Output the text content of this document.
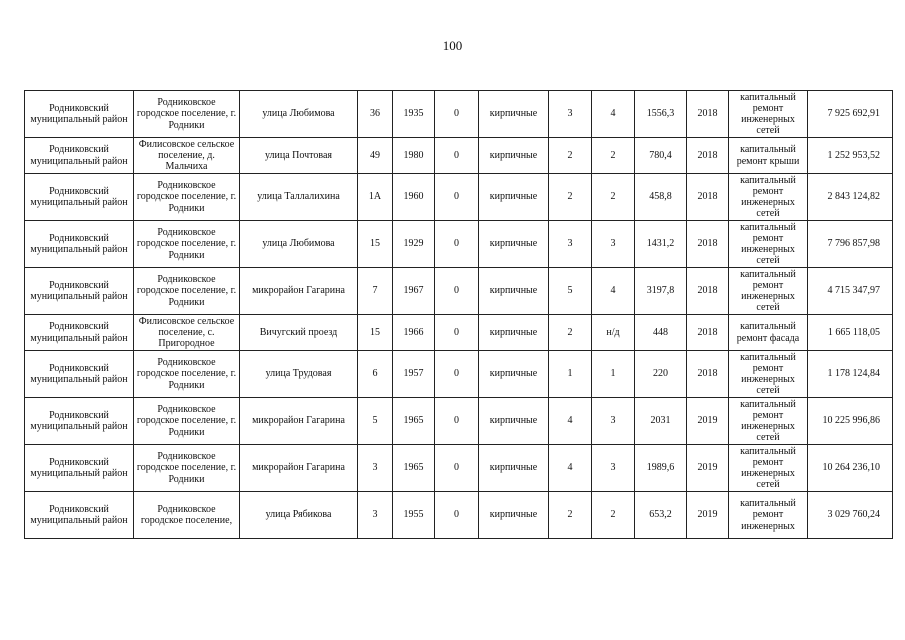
100
Родниковский муниципальный район	Родниковское городское поселение, г. Родники	улица Любимова	36	1935	0	кирпичные	3	4	1556,3	2018	капитальный ремонт инженерных сетей	7 925 692,91
Родниковский муниципальный район	Филисовское сельское поселение, д. Мальчиха	улица Почтовая	49	1980	0	кирпичные	2	2	780,4	2018	капитальный ремонт крыши	1 252 953,52
Родниковский муниципальный район	Родниковское городское поселение, г. Родники	улица Таллалихина	1А	1960	0	кирпичные	2	2	458,8	2018	капитальный ремонт инженерных сетей	2 843 124,82
Родниковский муниципальный район	Родниковское городское поселение, г. Родники	улица Любимова	15	1929	0	кирпичные	3	3	1431,2	2018	капитальный ремонт инженерных сетей	7 796 857,98
Родниковский муниципальный район	Родниковское городское поселение, г. Родники	микрорайон Гагарина	7	1967	0	кирпичные	5	4	3197,8	2018	капитальный ремонт инженерных сетей	4 715 347,97
Родниковский муниципальный район	Филисовское сельское поселение, с. Пригородное	Вичугский проезд	15	1966	0	кирпичные	2	н/д	448	2018	капитальный ремонт фасада	1 665 118,05
Родниковский муниципальный район	Родниковское городское поселение, г. Родники	улица Трудовая	6	1957	0	кирпичные	1	1	220	2018	капитальный ремонт инженерных сетей	1 178 124,84
Родниковский муниципальный район	Родниковское городское поселение, г. Родники	микрорайон Гагарина	5	1965	0	кирпичные	4	3	2031	2019	капитальный ремонт инженерных сетей	10 225 996,86
Родниковский муниципальный район	Родниковское городское поселение, г. Родники	микрорайон Гагарина	3	1965	0	кирпичные	4	3	1989,6	2019	капитальный ремонт инженерных сетей	10 264 236,10
Родниковский муниципальный район	Родниковское городское поселение,	улица Рябикова	3	1955	0	кирпичные	2	2	653,2	2019	капитальный ремонт инженерных	3 029 760,24
